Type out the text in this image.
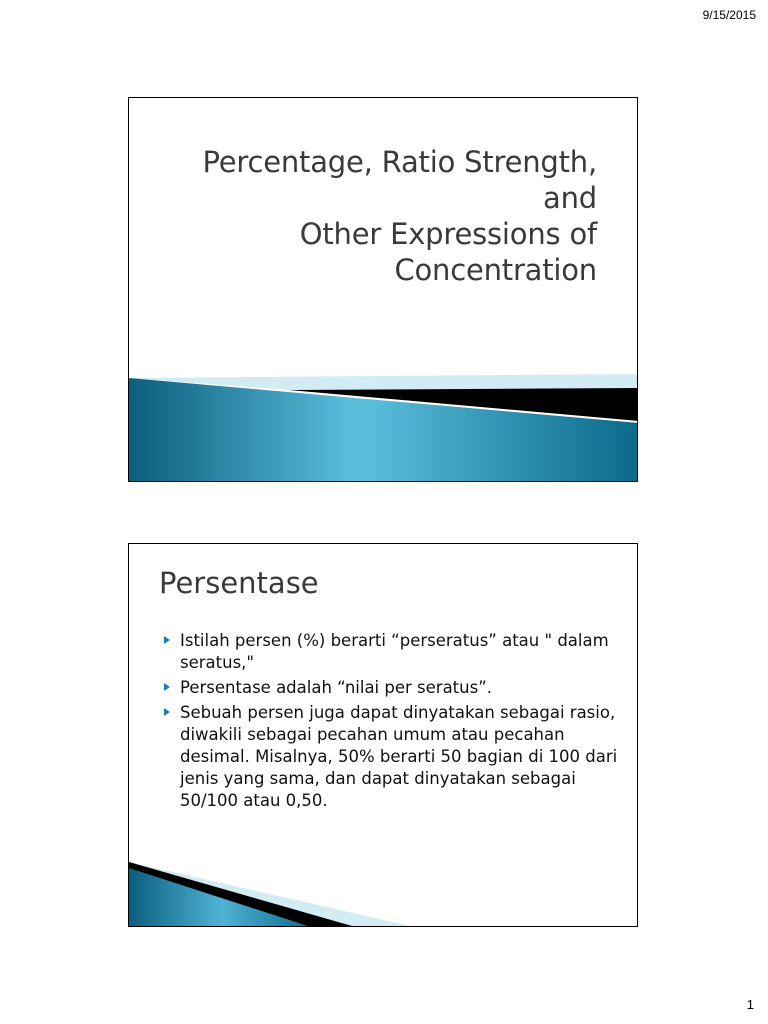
9/15/2015
Percentage, Ratio Strength,
and
Other Expressions of
Concentration
Persentase
Istilah persen (%) berarti “perseratus” atau " dalam seratus,"
Persentase adalah “nilai per seratus”.
Sebuah persen juga dapat dinyatakan sebagai rasio, diwakili sebagai pecahan umum atau pecahan desimal. Misalnya, 50% berarti 50 bagian di 100 dari jenis yang sama, dan dapat dinyatakan sebagai 50/100 atau 0,50.
1
